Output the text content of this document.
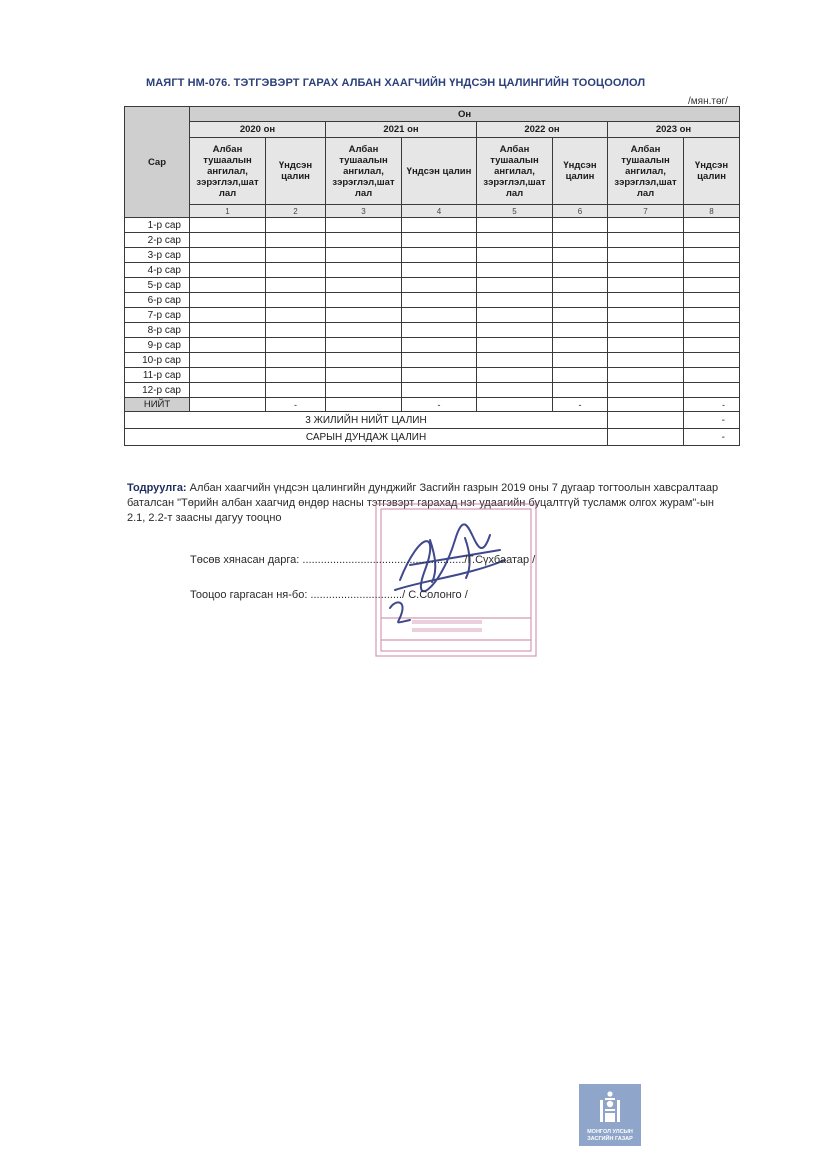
МАЯГТ НМ-076. ТЭТГЭВЭРТ ГАРАХ АЛБАН ХААГЧИЙН ҮНДСЭН ЦАЛИНГИЙН ТООЦООЛОЛ
/мян.төг/
Сар	Он							
	2020 он		2021 он		2022 он		2023 он	
	Албан тушаалын ангилал, зэрэглэл,шат лал	Үндсэн цалин	Албан тушаалын ангилал, зэрэглэл,шат лал	Үндсэн цалин	Албан тушаалын ангилал, зэрэглэл,шат лал	Үндсэн цалин	Албан тушаалын ангилал, зэрэглэл,шат лал	Үндсэн цалин
	1	2	3	4	5	6	7	8
1-р сар								
2-р сар								
3-р сар								
4-р сар								
5-р сар								
6-р сар								
7-р сар								
8-р сар								
9-р сар								
10-р сар								
11-р сар								
12-р сар								
НИЙТ		-		-		-		-
3 ЖИЛИЙН НИЙТ ЦАЛИН								-
САРЫН ДУНДАЖ ЦАЛИН								-
Тодруулга: Албан хаагчийн үндсэн цалингийн дунджийг Засгийн газрын 2019 оны 7 дугаар тогтоолын хавсралтаар баталсан "Төрийн албан хаагчид өндөр насны тэтгэвэрт гарахад нэг удаагийн буцалтгүй тусламж олгох журам"-ын 2.1, 2.2-т заасны дагуу тооцно
Төсөв хянасан дарга: ...................................................../Г.Сүхбаатар /
Тооцоо гаргасан ня-бо: ............................../ С.Солонго /
МОНГОЛ УЛСЫН
ЗАСГИЙН ГАЗАР
